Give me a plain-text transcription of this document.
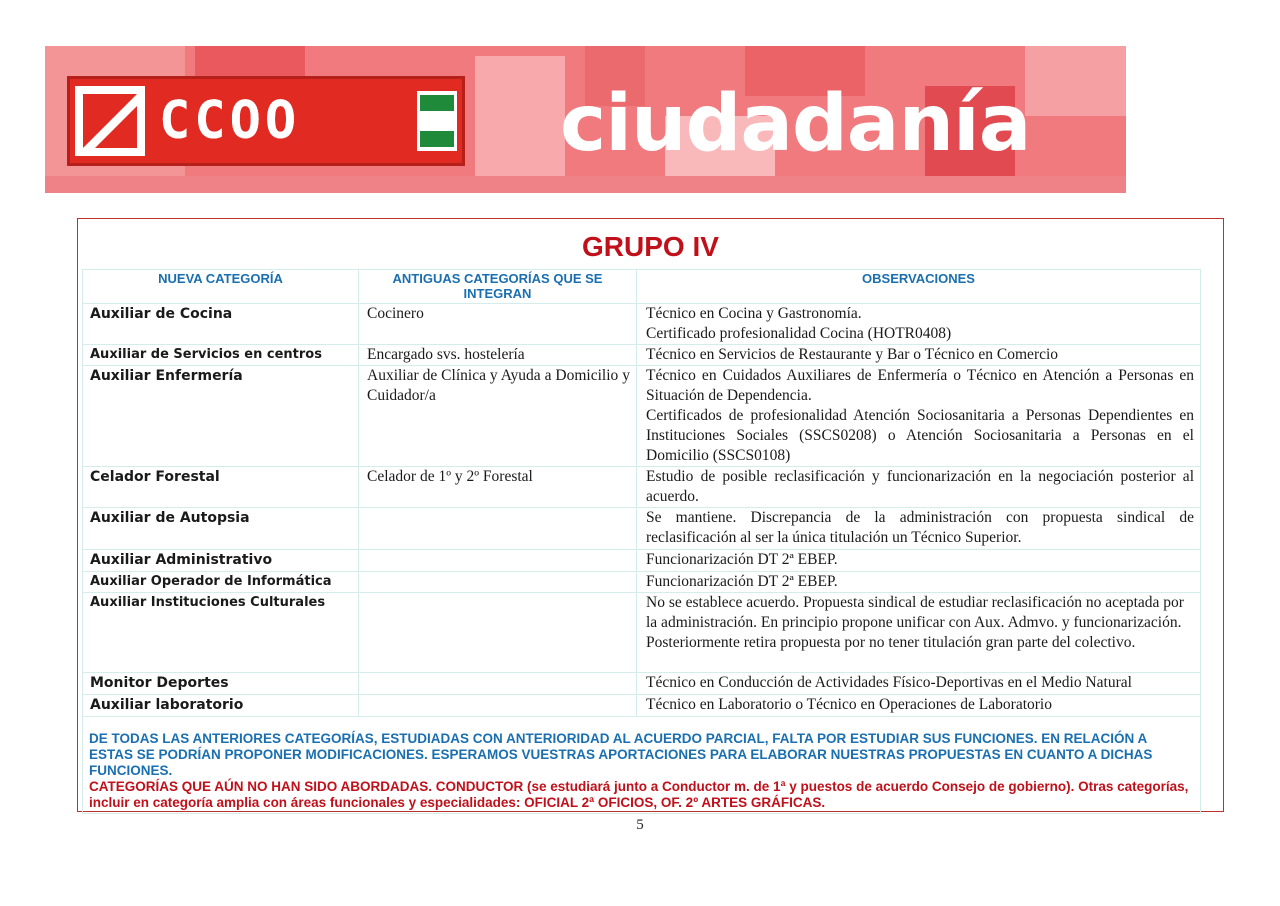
CCOO	ciudadanía
GRUPO IV
NUEVA CATEGORÍA	ANTIGUAS CATEGORÍAS QUE SE INTEGRAN	OBSERVACIONES
Auxiliar de Cocina	Cocinero	Técnico en Cocina y Gastronomía.
Certificado profesionalidad Cocina (HOTR0408)

Auxiliar de Servicios en centros	Encargado svs. hostelería	Técnico en Servicios de Restaurante y Bar o Técnico en Comercio

Auxiliar Enfermería	Auxiliar de Clínica y Ayuda a Domicilio y Cuidador/a	Técnico en Cuidados Auxiliares de Enfermería o Técnico en Atención a Personas en Situación de Dependencia.
Certificados de profesionalidad Atención Sociosanitaria a Personas Dependientes en Instituciones Sociales (SSCS0208) o Atención Sociosanitaria a Personas en el Domicilio (SSCS0108)

Celador Forestal	Celador de 1º y 2º Forestal	Estudio de posible reclasificación y funcionarización en la negociación posterior al acuerdo.

Auxiliar de Autopsia		Se mantiene. Discrepancia de la administración con propuesta sindical de reclasificación al ser la única titulación un Técnico Superior.

Auxiliar Administrativo		Funcionarización DT 2ª EBEP.

Auxiliar Operador de Informática		Funcionarización DT 2ª EBEP.

Auxiliar Instituciones Culturales		No se establece acuerdo. Propuesta sindical de estudiar reclasificación no aceptada por la administración. En principio propone unificar con Aux. Admvo. y funcionarización. Posteriormente retira propuesta por no tener titulación gran parte del colectivo.

Monitor Deportes		Técnico en Conducción de Actividades Físico-Deportivas en el Medio Natural

Auxiliar laboratorio		Técnico en Laboratorio o Técnico en Operaciones de Laboratorio

DE TODAS LAS ANTERIORES CATEGORÍAS, ESTUDIADAS CON ANTERIORIDAD AL ACUERDO PARCIAL, FALTA POR ESTUDIAR SUS FUNCIONES. EN RELACIÓN A ESTAS SE PODRÍAN PROPONER MODIFICACIONES. ESPERAMOS VUESTRAS APORTACIONES PARA ELABORAR NUESTRAS PROPUESTAS EN CUANTO A DICHAS FUNCIONES.
CATEGORÍAS QUE AÚN NO HAN SIDO ABORDADAS. CONDUCTOR (se estudiará junto a Conductor m. de 1ª y puestos de acuerdo Consejo de gobierno). Otras categorías, incluir en categoría amplia con áreas funcionales y especialidades: OFICIAL 2ª OFICIOS, OF. 2º ARTES GRÁFICAS.		
5
